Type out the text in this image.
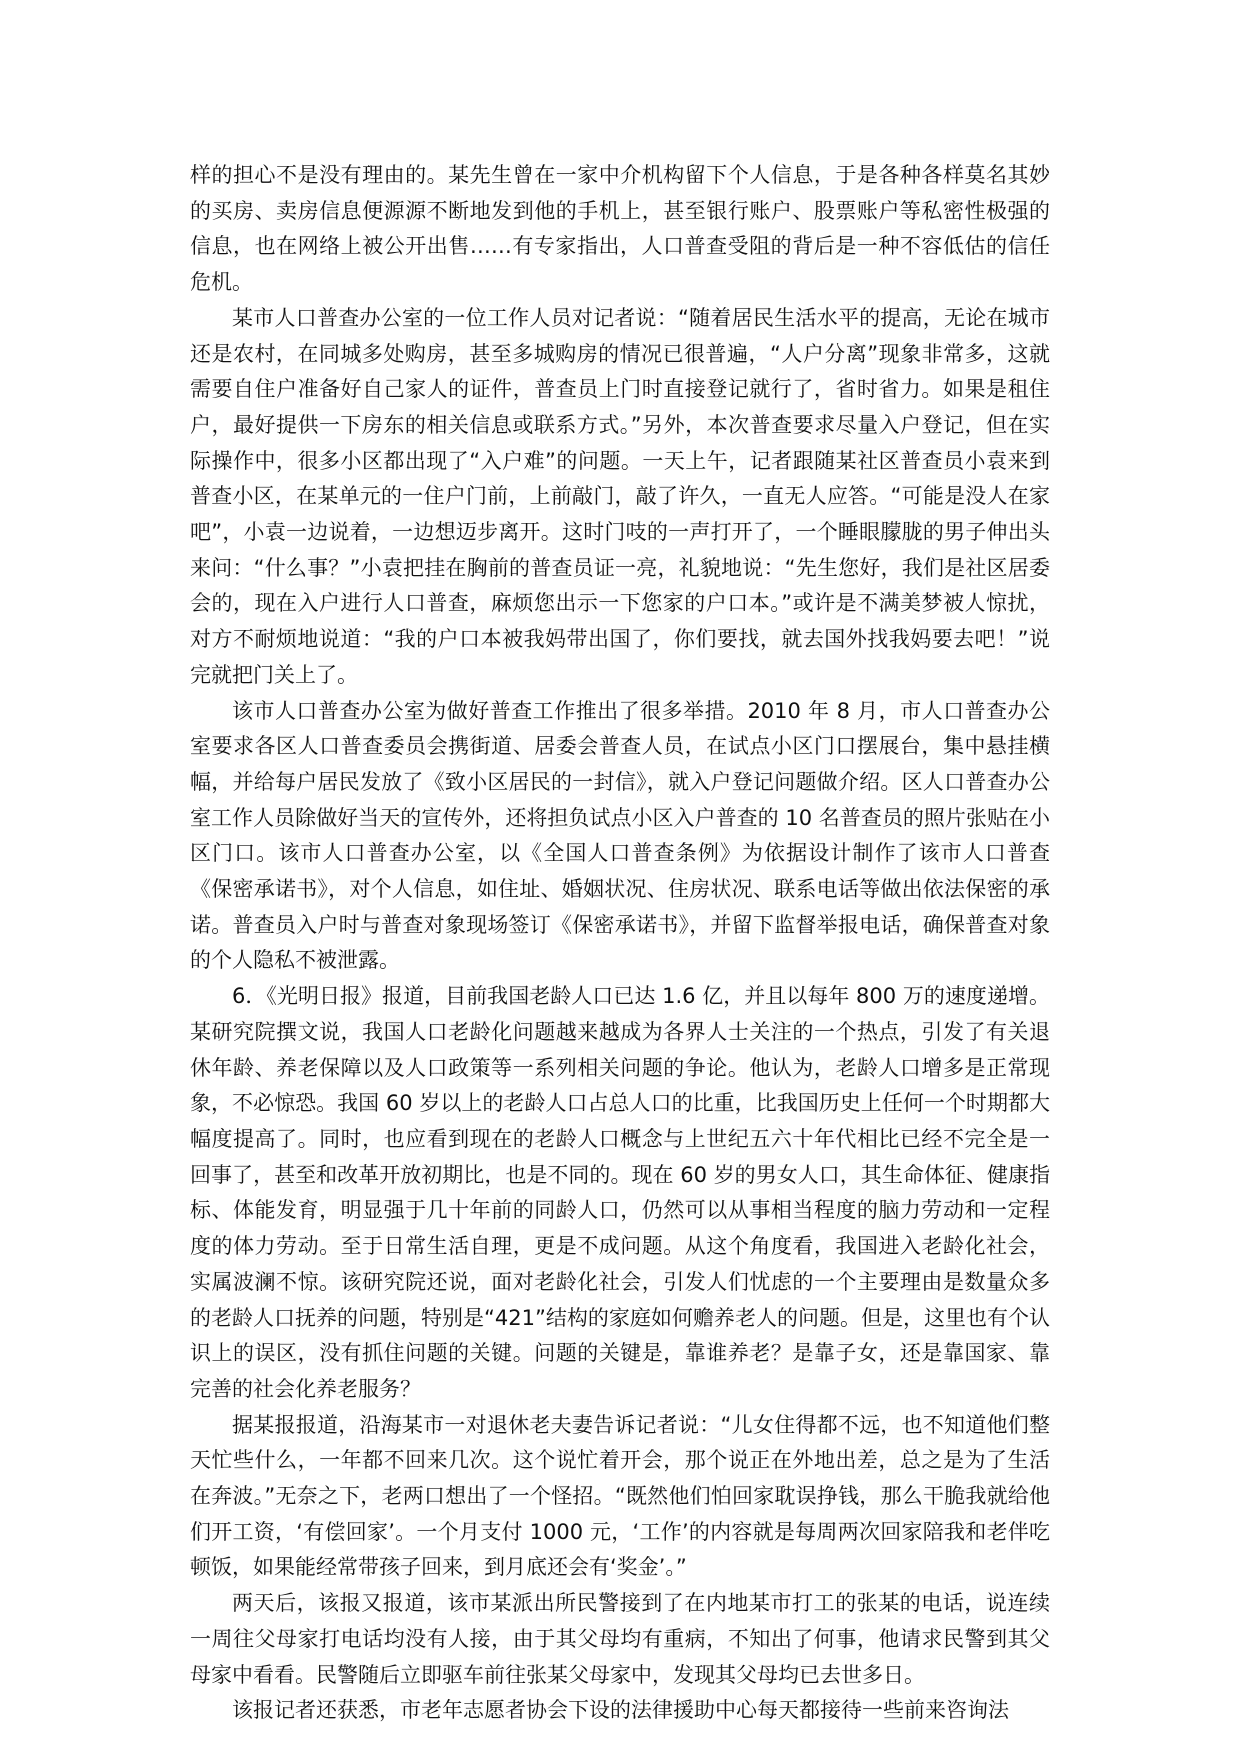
样的担心不是没有理由的。某先生曾在一家中介机构留下个人信息，于是各种各样莫名其妙的买房、卖房信息便源源不断地发到他的手机上，甚至银行账户、股票账户等私密性极强的信息，也在网络上被公开出售……有专家指出，人口普查受阻的背后是一种不容低估的信任危机。

某市人口普查办公室的一位工作人员对记者说：“随着居民生活水平的提高，无论在城市还是农村，在同城多处购房，甚至多城购房的情况已很普遍，“人户分离”现象非常多，这就需要自住户准备好自己家人的证件，普查员上门时直接登记就行了，省时省力。如果是租住户，最好提供一下房东的相关信息或联系方式。”另外，本次普查要求尽量入户登记，但在实际操作中，很多小区都出现了“入户难”的问题。一天上午，记者跟随某社区普查员小袁来到普查小区，在某单元的一住户门前，上前敲门，敲了许久，一直无人应答。“可能是没人在家吧”，小袁一边说着，一边想迈步离开。这时门吱的一声打开了，一个睡眼朦胧的男子伸出头来问：“什么事？”小袁把挂在胸前的普查员证一亮，礼貌地说：“先生您好，我们是社区居委会的，现在入户进行人口普查，麻烦您出示一下您家的户口本。”或许是不满美梦被人惊扰，对方不耐烦地说道：“我的户口本被我妈带出国了，你们要找，就去国外找我妈要去吧！”说完就把门关上了。

该市人口普查办公室为做好普查工作推出了很多举措。2010 年 8 月，市人口普查办公室要求各区人口普查委员会携街道、居委会普查人员，在试点小区门口摆展台，集中悬挂横幅，并给每户居民发放了《致小区居民的一封信》，就入户登记问题做介绍。区人口普查办公室工作人员除做好当天的宣传外，还将担负试点小区入户普查的 10 名普查员的照片张贴在小区门口。该市人口普查办公室，以《全国人口普查条例》为依据设计制作了该市人口普查《保密承诺书》，对个人信息，如住址、婚姻状况、住房状况、联系电话等做出依法保密的承诺。普查员入户时与普查对象现场签订《保密承诺书》，并留下监督举报电话，确保普查对象的个人隐私不被泄露。

6．《光明日报》报道，目前我国老龄人口已达 1.6 亿，并且以每年 800 万的速度递增。某研究院撰文说，我国人口老龄化问题越来越成为各界人士关注的一个热点，引发了有关退休年龄、养老保障以及人口政策等一系列相关问题的争论。他认为，老龄人口增多是正常现象，不必惊恐。我国 60 岁以上的老龄人口占总人口的比重，比我国历史上任何一个时期都大幅度提高了。同时，也应看到现在的老龄人口概念与上世纪五六十年代相比已经不完全是一回事了，甚至和改革开放初期比，也是不同的。现在 60 岁的男女人口，其生命体征、健康指标、体能发育，明显强于几十年前的同龄人口，仍然可以从事相当程度的脑力劳动和一定程度的体力劳动。至于日常生活自理，更是不成问题。从这个角度看，我国进入老龄化社会，实属波澜不惊。该研究院还说，面对老龄化社会，引发人们忧虑的一个主要理由是数量众多的老龄人口抚养的问题，特别是“421”结构的家庭如何赡养老人的问题。但是，这里也有个认识上的误区，没有抓住问题的关键。问题的关键是，靠谁养老？是靠子女，还是靠国家、靠完善的社会化养老服务？

据某报报道，沿海某市一对退休老夫妻告诉记者说：“儿女住得都不远，也不知道他们整天忙些什么，一年都不回来几次。这个说忙着开会，那个说正在外地出差，总之是为了生活在奔波。”无奈之下，老两口想出了一个怪招。“既然他们怕回家耽误挣钱，那么干脆我就给他们开工资，‘有偿回家’。一个月支付 1000 元，‘工作’的内容就是每周两次回家陪我和老伴吃顿饭，如果能经常带孩子回来，到月底还会有‘奖金’。”

两天后，该报又报道，该市某派出所民警接到了在内地某市打工的张某的电话，说连续一周往父母家打电话均没有人接，由于其父母均有重病，不知出了何事，他请求民警到其父母家中看看。民警随后立即驱车前往张某父母家中，发现其父母均已去世多日。

该报记者还获悉，市老年志愿者协会下设的法律援助中心每天都接待一些前来咨询法
